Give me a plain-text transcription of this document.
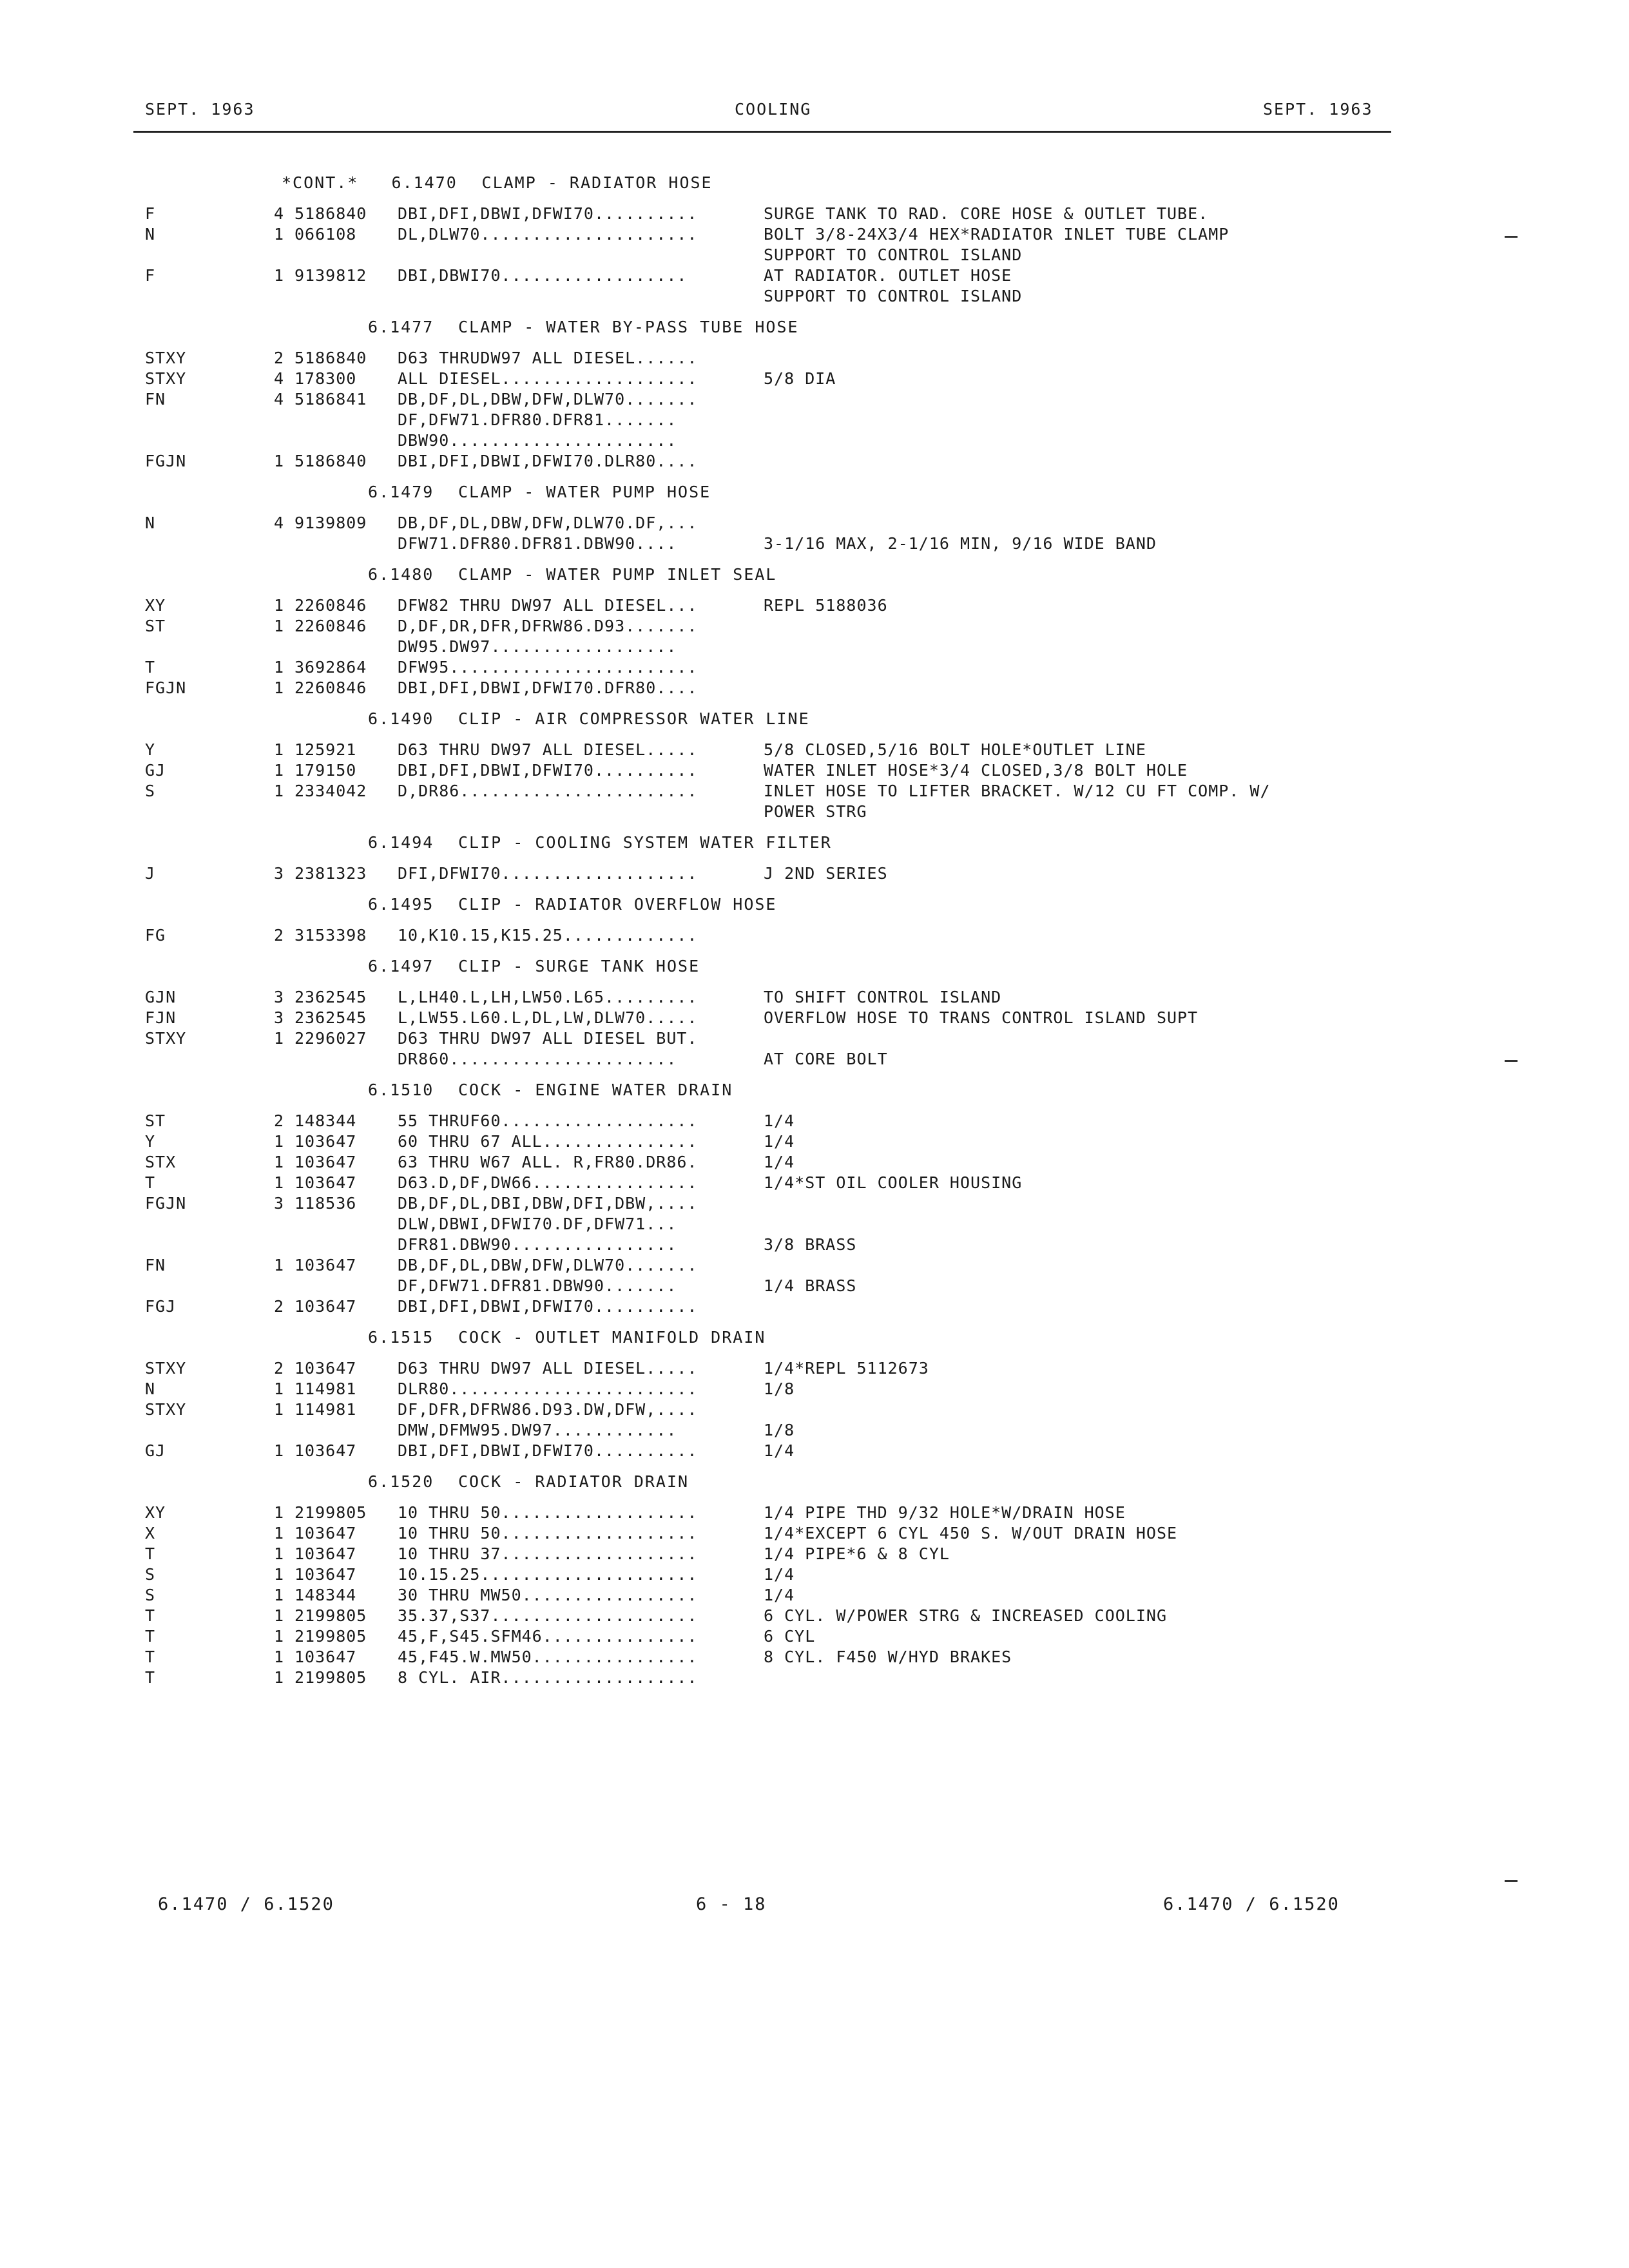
SEPT. 1963	COOLING	SEPT. 1963
*CONT.* 6.1470 CLAMP - RADIATOR HOSE
F	4 5186840 DBI,DFI,DBWI,DFWI70..........	SURGE TANK TO RAD. CORE HOSE & OUTLET TUBE.
N	1 066108	DL,DLW70.....................	BOLT 3/8-24X3/4 HEX*RADIATOR INLET TUBE CLAMP
SUPPORT TO CONTROL ISLAND
F	1 9139812 DBI,DBWI70..................	AT RADIATOR. OUTLET HOSE
SUPPORT TO CONTROL ISLAND
6.1477 CLAMP - WATER BY-PASS TUBE HOSE
STXY	2 5186840 D63 THRUDW97 ALL DIESEL......
STXY	4 178300	ALL DIESEL...................	5/8 DIA
FN	4 5186841 DB,DF,DL,DBW,DFW,DLW70.......
DF,DFW71.DFR80.DFR81.......
DBW90......................
FGJN	1 5186840 DBI,DFI,DBWI,DFWI70.DLR80....
6.1479 CLAMP - WATER PUMP HOSE
N	4 9139809 DB,DF,DL,DBW,DFW,DLW70.DF,...
DFW71.DFR80.DFR81.DBW90....	3-1/16 MAX, 2-1/16 MIN, 9/16 WIDE BAND
6.1480 CLAMP - WATER PUMP INLET SEAL
XY	1 2260846 DFW82 THRU DW97 ALL DIESEL...	REPL 5188036
ST	1 2260846 D,DF,DR,DFR,DFRW86.D93.......
DW95.DW97..................
T	1 3692864 DFW95........................
FGJN	1 2260846 DBI,DFI,DBWI,DFWI70.DFR80....
6.1490 CLIP - AIR COMPRESSOR WATER LINE
Y	1 125921	D63 THRU DW97 ALL DIESEL.....	5/8 CLOSED,5/16 BOLT HOLE*OUTLET LINE
GJ	1 179150	DBI,DFI,DBWI,DFWI70..........	WATER INLET HOSE*3/4 CLOSED,3/8 BOLT HOLE
S	1 2334042 D,DR86.......................	INLET HOSE TO LIFTER BRACKET. W/12 CU FT COMP. W/
POWER STRG
6.1494 CLIP - COOLING SYSTEM WATER FILTER
J	3 2381323 DFI,DFWI70...................	J 2ND SERIES
6.1495 CLIP - RADIATOR OVERFLOW HOSE
FG	2 3153398 10,K10.15,K15.25.............
6.1497 CLIP - SURGE TANK HOSE
GJN	3 2362545 L,LH40.L,LH,LW50.L65.........	TO SHIFT CONTROL ISLAND
FJN	3 2362545 L,LW55.L60.L,DL,LW,DLW70.....	OVERFLOW HOSE TO TRANS CONTROL ISLAND SUPT
STXY	1 2296027 D63 THRU DW97 ALL DIESEL BUT.
DR860......................	AT CORE BOLT
6.1510 COCK - ENGINE WATER DRAIN
ST	2 148344	55 THRUF60...................	1/4
Y	1 103647	60 THRU 67 ALL...............	1/4
STX	1 103647	63 THRU W67 ALL. R,FR80.DR86.	1/4
T	1 103647	D63.D,DF,DW66................	1/4*ST OIL COOLER HOUSING
FGJN	3 118536	DB,DF,DL,DBI,DBW,DFI,DBW,....
DLW,DBWI,DFWI70.DF,DFW71...
DFR81.DBW90................	3/8 BRASS
FN	1 103647	DB,DF,DL,DBW,DFW,DLW70.......
DF,DFW71.DFR81.DBW90.......	1/4 BRASS
FGJ	2 103647	DBI,DFI,DBWI,DFWI70..........
6.1515 COCK - OUTLET MANIFOLD DRAIN
STXY	2 103647	D63 THRU DW97 ALL DIESEL.....	1/4*REPL 5112673
N	1 114981	DLR80........................	1/8
STXY	1 114981	DF,DFR,DFRW86.D93.DW,DFW,....
DMW,DFMW95.DW97............	1/8
GJ	1 103647	DBI,DFI,DBWI,DFWI70..........	1/4
6.1520 COCK - RADIATOR DRAIN
XY	1 2199805 10 THRU 50...................	1/4 PIPE THD 9/32 HOLE*W/DRAIN HOSE
X	1 103647	10 THRU 50...................	1/4*EXCEPT 6 CYL 450 S. W/OUT DRAIN HOSE
T	1 103647	10 THRU 37...................	1/4 PIPE*6 & 8 CYL
S	1 103647	10.15.25.....................	1/4
S	1 148344	30 THRU MW50.................	1/4
T	1 2199805 35.37,S37....................	6 CYL. W/POWER STRG & INCREASED COOLING
T	1 2199805 45,F,S45.SFM46...............	6 CYL
T	1 103647	45,F45.W.MW50................	8 CYL. F450 W/HYD BRAKES
T	1 2199805 8 CYL. AIR...................
6.1470 / 6.1520	6 - 18	6.1470 / 6.1520
